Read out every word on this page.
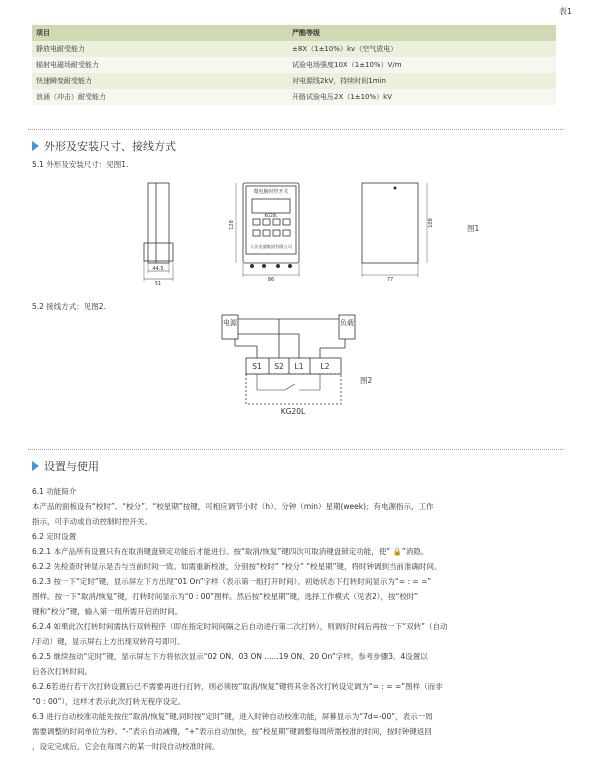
表1
项目	严酷等级
静放电耐受能力	±8X（1±10%）kv（空气放电）
辐射电磁场耐受能力	试验电场强度10X（1±10%）V/m
快速瞬变耐受能力	对电源线2kV，持续时间1min
浪涌（冲击）耐受能力	开路试验电压2X（1±10%）kV
外形及安装尺寸、接线方式
5.1 外形及安装尺寸：见图1.
44.5
51
微电脑时控开关
KG20L
人民电器集团有限公司
128
86
108
77
图1
5.2 接线方式：见图2.
电源	负载
S1 S2 L1 L2
KG20L
图2
设置与使用

6.1 功能简介

本产品的面板设有“校时”、“校分”、“校星期”按键，可相应调节小时（h）、分钟（min）星期(week)；有电源指示，工作

指示，可手动或自动控制时控开关。

6.2 定时设置

6.2.1 本产品所有设置只有在取消键盘锁定功能后才能进行。按“取消/恢复”键四次可取消键盘锁定功能，使“ 🔒”消隐。

6.2.2 先检查时钟显示是否与当前时间一致。如需重新校准，分别按“校时” “校分” “校星期”键，将时钟调到当前准确时间。

6.2.3 按一下“定时”键，显示屏左下方出现“01 On”字样（表示第一组打开时间）。初始状态下打转时间显示为“= : = =”

图样。按一下“取消/恢复”键，打转时间显示为“0 : 00”图样。然后按“校星期”键，选择工作模式（见表2），按“校时”

键和“校分”键，输入第一组所需开启的时间。

6.2.4 如果此次打转时间需执行双转程序（即在指定时间间隔之后自动进行第二次打转），则调好时间后再按一下“双转”（自动

/手动）键，显示屏右上方出现双转符号即可。

6.2.5 继续按动“定时”键，显示屏左下方将依次显示“02 ON、03 ON ......19 ON、20 On”字样，参考步骤3、4设置以

后各次打转时间。

6.2.6若进行若干次打转设置后已不需要再进行打转，则必须按“取消/恢复”键将其余各次打转设定调为“= : = =”图样（而非

“0 : 00”），这样才表示此次打转无程序设定。

6.3 进行自动校准功能先按住“取消/恢复”键,同时按“定时”键，进入时钟自动校准功能，屏幕显示为“7d=-00”，表示一周

需要调整的时间单位为秒。“-”表示自动减慢，“+”表示自动加快，按“校星期”键调整每周所需校准的时间，按时钟键返回

，设定完成后，它会在每周六的某一时段自动校准时间。
